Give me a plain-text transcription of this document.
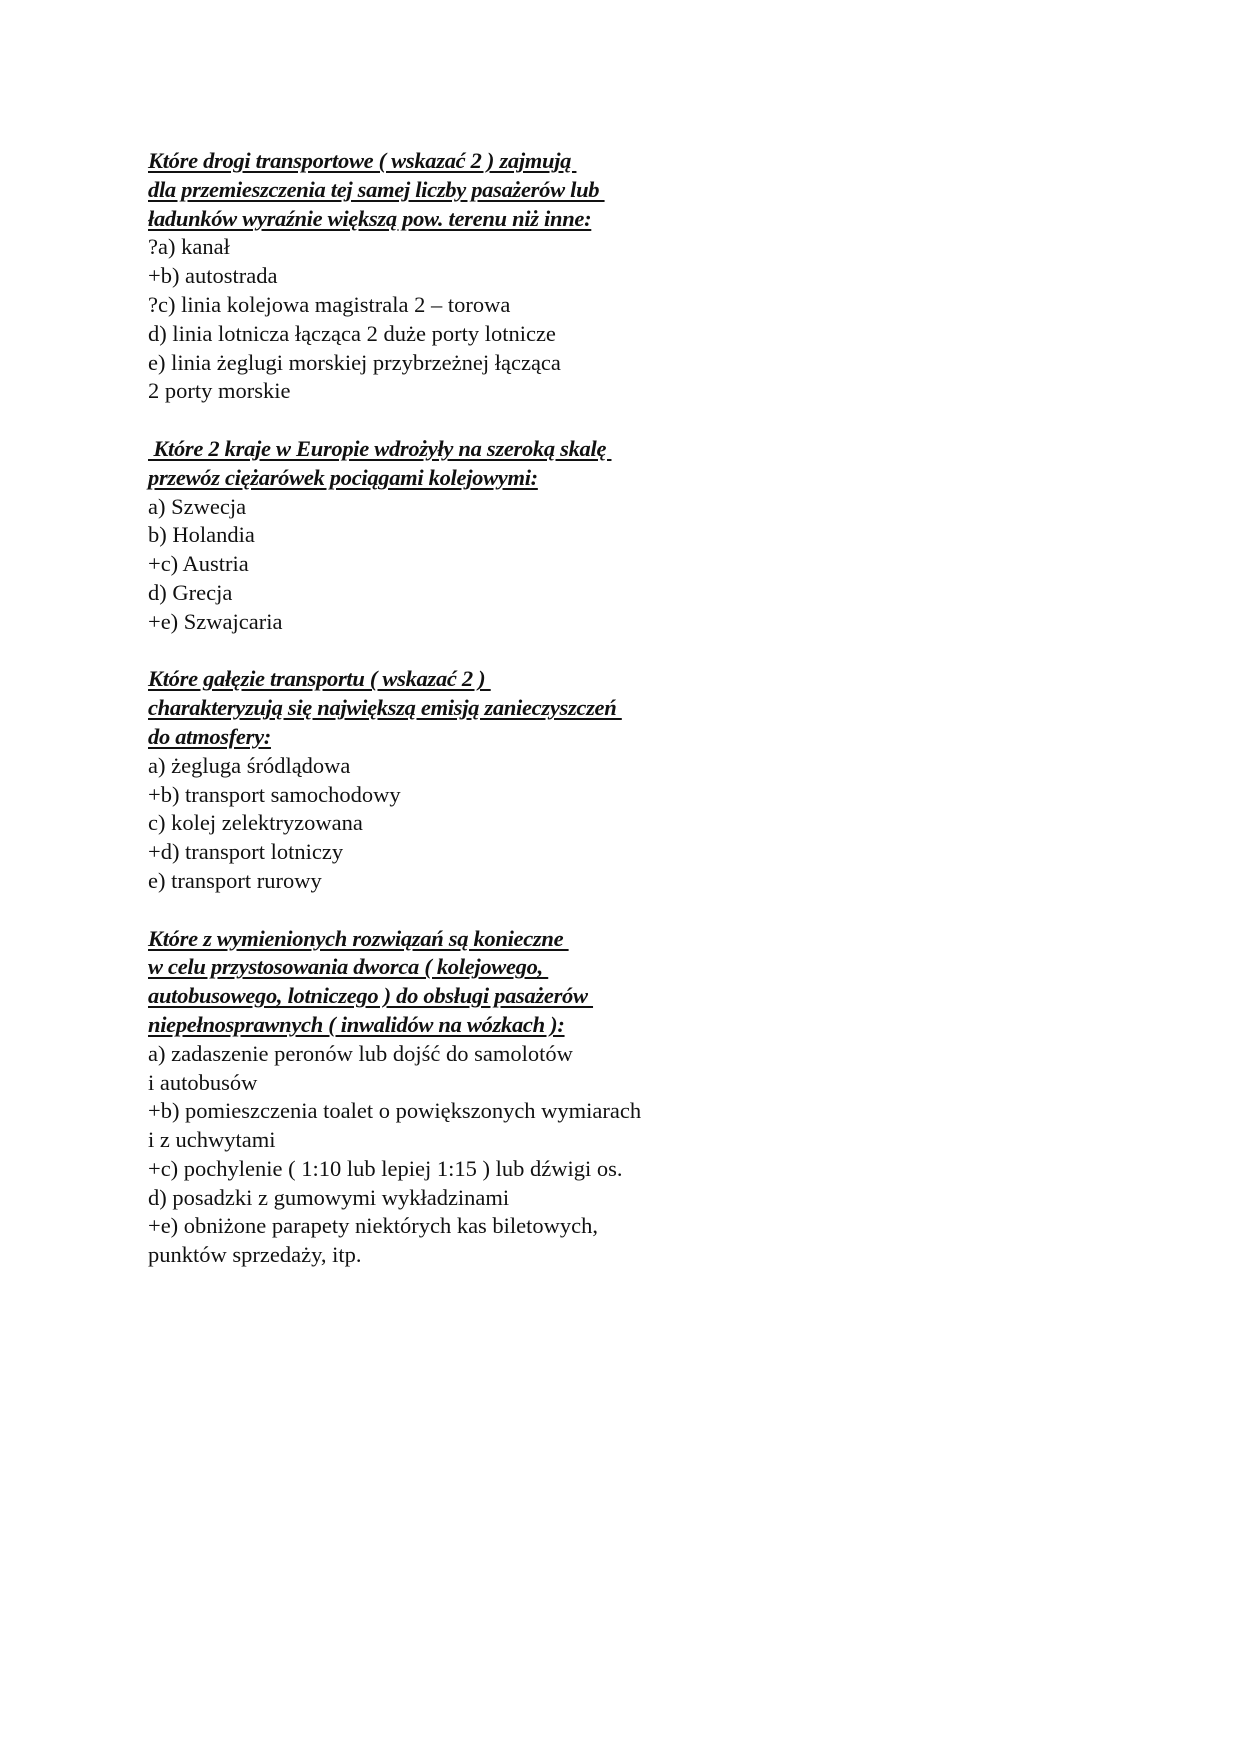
Które drogi transportowe ( wskazać 2 ) zajmują
dla przemieszczenia tej samej liczby pasażerów lub
ładunków wyraźnie większą pow. terenu niż inne:
?a) kanał
+b) autostrada
?c) linia kolejowa magistrala 2 – torowa
d) linia lotnicza łącząca 2 duże porty lotnicze
e) linia żeglugi morskiej przybrzeżnej łącząca
2 porty morskie
Które 2 kraje w Europie wdrożyły na szeroką skalę
przewóz ciężarówek pociągami kolejowymi:
a) Szwecja
b) Holandia
+c) Austria
d) Grecja
+e) Szwajcaria
Które gałęzie transportu ( wskazać 2 )
charakteryzują się największą emisją zanieczyszczeń
do atmosfery:
a) żegluga śródlądowa
+b) transport samochodowy
c) kolej zelektryzowana
+d) transport lotniczy
e) transport rurowy
Które z wymienionych rozwiązań są konieczne
w celu przystosowania dworca ( kolejowego,
autobusowego, lotniczego ) do obsługi pasażerów
niepełnosprawnych ( inwalidów na wózkach ):
a) zadaszenie peronów lub dojść do samolotów
i autobusów
+b) pomieszczenia toalet o powiększonych wymiarach
i z uchwytami
+c) pochylenie ( 1:10 lub lepiej 1:15 ) lub dźwigi os.
d) posadzki z gumowymi wykładzinami
+e) obniżone parapety niektórych kas biletowych,
punktów sprzedaży, itp.
